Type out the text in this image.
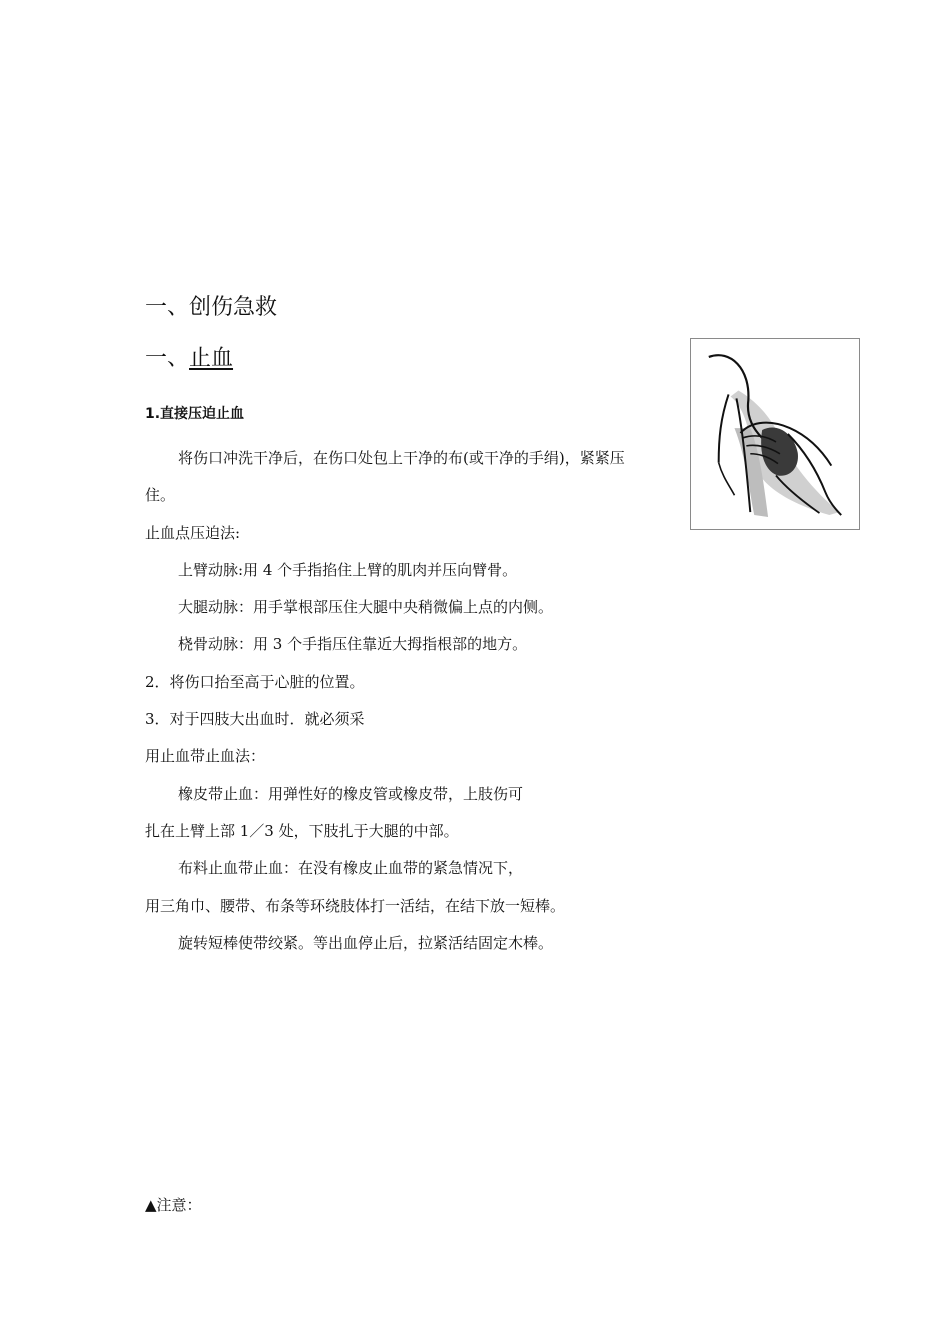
一、创伤急救
一、止血
1.直接压迫止血
将伤口冲洗干净后，在伤口处包上干净的布(或干净的手绢)，紧紧压
住。
止血点压迫法:
上臂动脉:用 4 个手指掐住上臂的肌肉并压向臂骨。
大腿动脉：用手掌根部压住大腿中央稍微偏上点的内侧。
桡骨动脉：用 3 个手指压住靠近大拇指根部的地方。
2．将伤口抬至高于心脏的位置。
3．对于四肢大出血时．就必须采
用止血带止血法：
橡皮带止血：用弹性好的橡皮管或橡皮带，上肢伤可
扎在上臂上部 1／3 处，下肢扎于大腿的中部。
布料止血带止血：在没有橡皮止血带的紧急情况下，
用三角巾、腰带、布条等环绕肢体打一活结，在结下放一短棒。
旋转短棒使带绞紧。等出血停止后，拉紧活结固定木棒。
▲注意：
